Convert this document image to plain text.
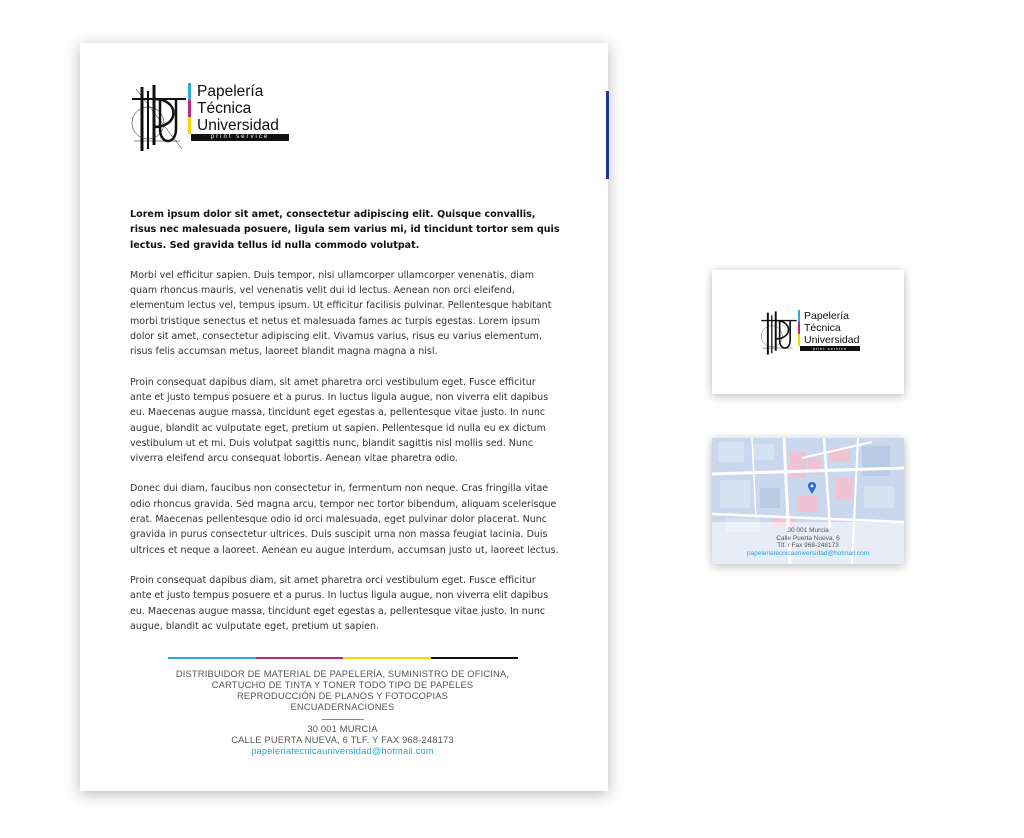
Papelería
Técnica
Universidad
print service

Lorem ipsum dolor sit amet, consectetur adipiscing elit. Quisque convallis, risus nec malesuada posuere, ligula sem varius mi, id tincidunt tortor sem quis lectus. Sed gravida tellus id nulla commodo volutpat.

Morbi vel efficitur sapien. Duis tempor, nisi ullamcorper ullamcorper venenatis, diam quam rhoncus mauris, vel venenatis velit dui id lectus. Aenean non orci eleifend, elementum lectus vel, tempus ipsum. Ut efficitur facilisis pulvinar. Pellentesque habitant morbi tristique senectus et netus et malesuada fames ac turpis egestas. Lorem ipsum dolor sit amet, consectetur adipiscing elit. Vivamus varius, risus eu varius elementum, risus felis accumsan metus, laoreet blandit magna magna a nisl.

Proin consequat dapibus diam, sit amet pharetra orci vestibulum eget. Fusce efficitur ante et justo tempus posuere et a purus. In luctus ligula augue, non viverra elit dapibus eu. Maecenas augue massa, tincidunt eget egestas a, pellentesque vitae justo. In nunc augue, blandit ac vulputate eget, pretium ut sapien. Pellentesque id nulla eu ex dictum vestibulum ut et mi. Duis volutpat sagittis nunc, blandit sagittis nisl mollis sed. Nunc viverra eleifend arcu consequat lobortis. Aenean vitae pharetra odio.

Donec dui diam, faucibus non consectetur in, fermentum non neque. Cras fringilla vitae odio rhoncus gravida. Sed magna arcu, tempor nec tortor bibendum, aliquam scelerisque erat. Maecenas pellentesque odio id orci malesuada, eget pulvinar dolor placerat. Nunc gravida in purus consectetur ultrices. Duis suscipit urna non massa feugiat lacinia. Duis ultrices et neque a laoreet. Aenean eu augue interdum, accumsan justo ut, laoreet lectus.

Proin consequat dapibus diam, sit amet pharetra orci vestibulum eget. Fusce efficitur ante et justo tempus posuere et a purus. In luctus ligula augue, non viverra elit dapibus eu. Maecenas augue massa, tincidunt eget egestas a, pellentesque vitae justo. In nunc augue, blandit ac vulputate eget, pretium ut sapien.

DISTRIBUIDOR DE MATERIAL DE PAPELERÍA, SUMINISTRO DE OFICINA,
CARTUCHO DE TINTA Y TONER TODO TIPO DE PAPELES
REPRODUCCIÓN DE PLANOS Y FOTOCOPIAS
ENCUADERNACIONES
30 001 MURCIA
CALLE PUERTA NUEVA, 6 TLF. Y FAX 968-248173
papeleriatecnicauniversidad@hotmail.com
Papelería
Técnica
Universidad
print service
30 001 Murcia
Calle Puerta Nueva, 6
Tlf. / Fax 968-248173
papeleriatecnicauniversidad@hotmail.com
